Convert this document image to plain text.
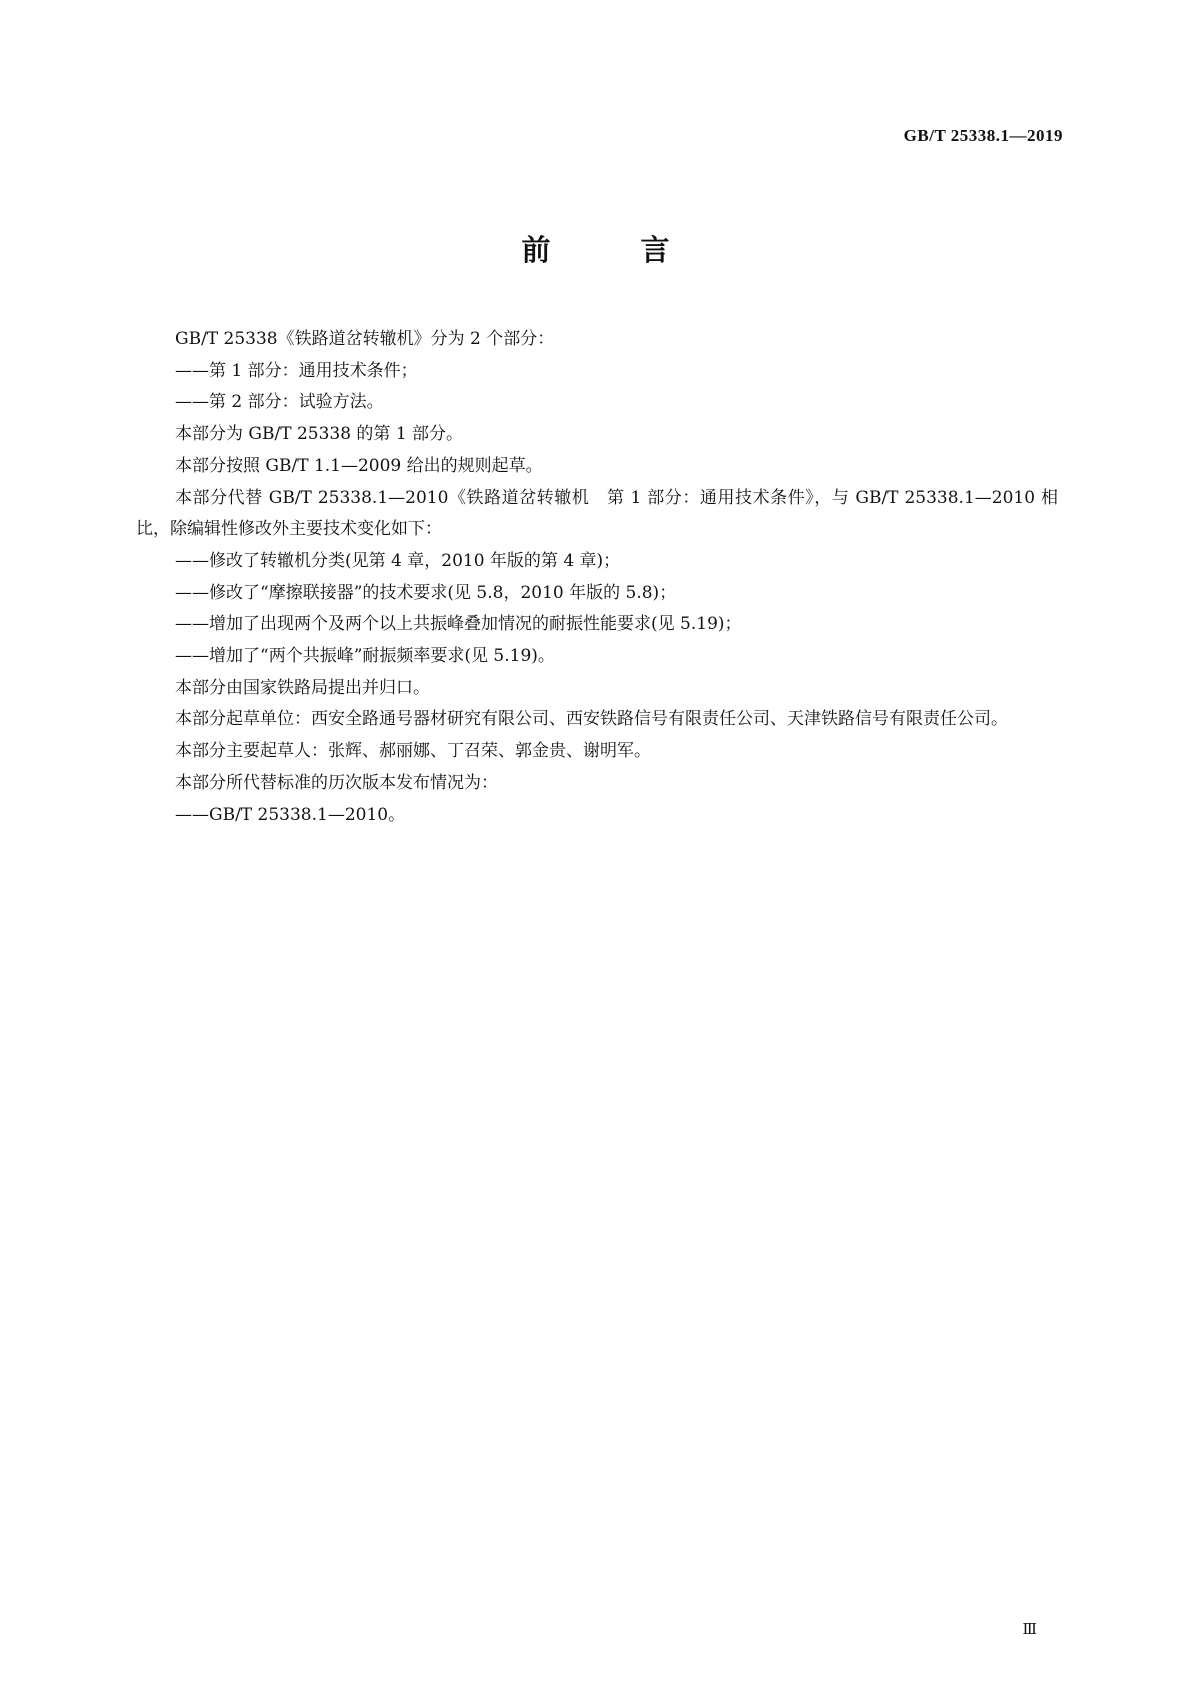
GB/T 25338.1—2019
前 言

GB/T 25338《铁路道岔转辙机》分为 2 个部分：

——第 1 部分：通用技术条件；

——第 2 部分：试验方法。

本部分为 GB/T 25338 的第 1 部分。

本部分按照 GB/T 1.1—2009 给出的规则起草。

本部分代替 GB/T 25338.1—2010《铁路道岔转辙机　第 1 部分：通用技术条件》，与 GB/T 25338.1—2010 相比，除编辑性修改外主要技术变化如下：

——修改了转辙机分类(见第 4 章，2010 年版的第 4 章)；

——修改了“摩擦联接器”的技术要求(见 5.8，2010 年版的 5.8)；

——增加了出现两个及两个以上共振峰叠加情况的耐振性能要求(见 5.19)；

——增加了“两个共振峰”耐振频率要求(见 5.19)。

本部分由国家铁路局提出并归口。

本部分起草单位：西安全路通号器材研究有限公司、西安铁路信号有限责任公司、天津铁路信号有限责任公司。

本部分主要起草人：张辉、郝丽娜、丁召荣、郭金贵、谢明军。

本部分所代替标准的历次版本发布情况为：

——GB/T 25338.1—2010。

Ⅲ
